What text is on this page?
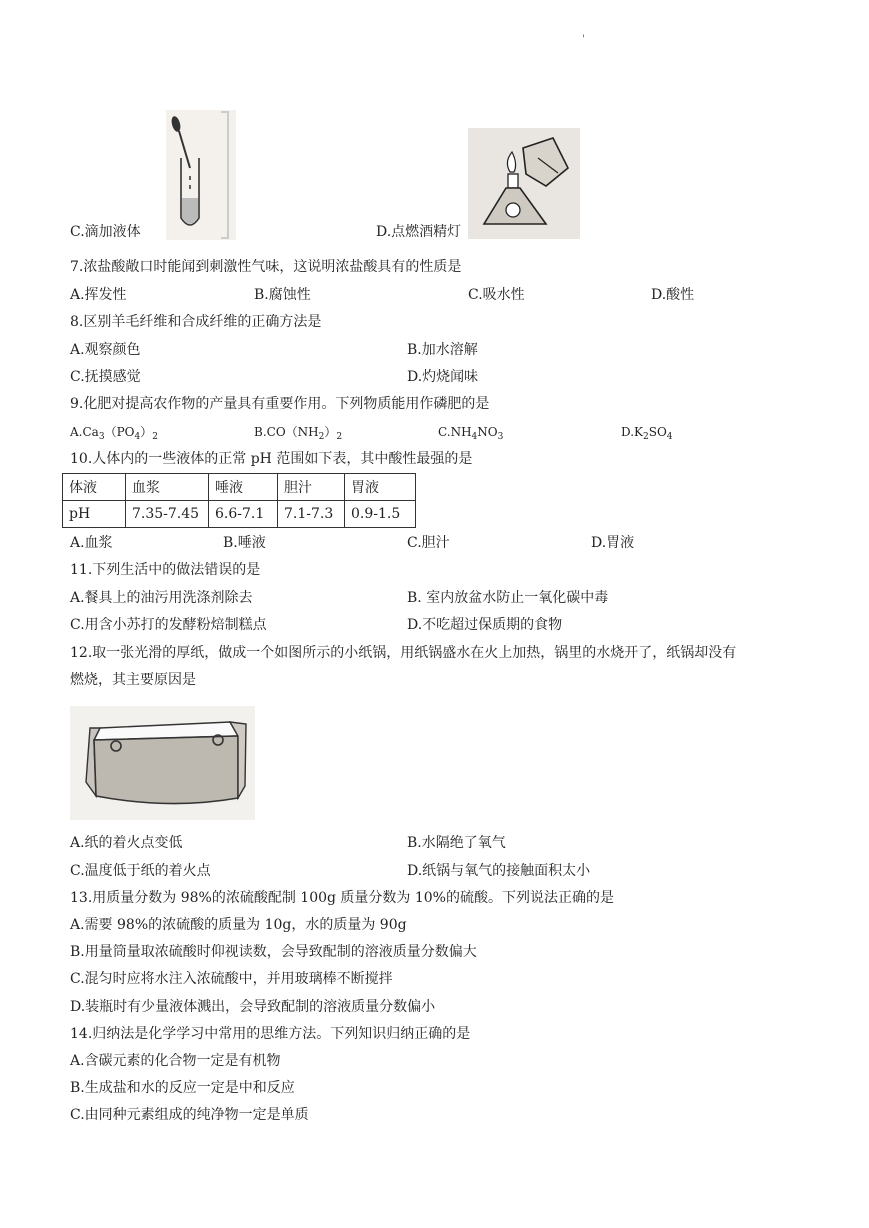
'
C.滴加液体	D.点燃酒精灯
7.浓盐酸敞口时能闻到刺激性气味，这说明浓盐酸具有的性质是
A.挥发性	B.腐蚀性	C.吸水性	D.酸性
8.区别羊毛纤维和合成纤维的正确方法是
A.观察颜色	B.加水溶解
C.抚摸感觉	D.灼烧闻味
9.化肥对提高农作物的产量具有重要作用。下列物质能用作磷肥的是
$A.Ca_3(PO_4)_2$	$B.CO(NH_2)_2$	$C.NH_4NO_3$	$D.K_2SO_4$
10.人体内的一些液体的正常 pH 范围如下表，其中酸性最强的是
体液	血浆	唾液	胆汁	胃液
pH	7.35-7.45	6.6-7.1	7.1-7.3	0.9-1.5
A.血浆	B.唾液	C.胆汁	D.胃液
11.下列生活中的做法错误的是
A.餐具上的油污用洗涤剂除去	B. 室内放盆水防止一氧化碳中毒
C.用含小苏打的发酵粉焙制糕点	D.不吃超过保质期的食物
12.取一张光滑的厚纸，做成一个如图所示的小纸锅，用纸锅盛水在火上加热，锅里的水烧开了，纸锅却没有
燃烧，其主要原因是
A.纸的着火点变低	B.水隔绝了氧气
C.温度低于纸的着火点	D.纸锅与氧气的接触面积太小
13.用质量分数为 98%的浓硫酸配制 100g 质量分数为 10%的硫酸。下列说法正确的是
A.需要 98%的浓硫酸的质量为 10g，水的质量为 90g
B.用量筒量取浓硫酸时仰视读数，会导致配制的溶液质量分数偏大
C.混匀时应将水注入浓硫酸中，并用玻璃棒不断搅拌
D.装瓶时有少量液体溅出，会导致配制的溶液质量分数偏小
14.归纳法是化学学习中常用的思维方法。下列知识归纳正确的是
A.含碳元素的化合物一定是有机物
B.生成盐和水的反应一定是中和反应
C.由同种元素组成的纯净物一定是单质
